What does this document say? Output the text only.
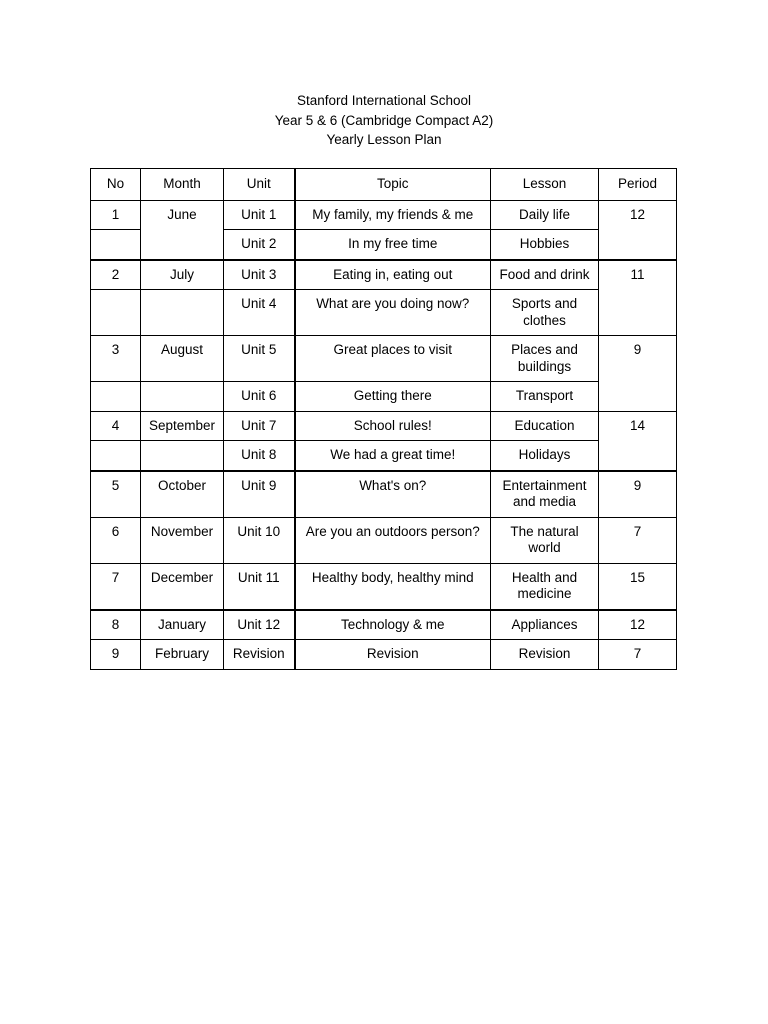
Stanford International School
Year 5 & 6 (Cambridge Compact A2)
Yearly Lesson Plan
No	Month	Unit	Topic	Lesson	Period
1	June	Unit 1	My family, my friends & me	Daily life	12
		Unit 2	In my free time	Hobbies	
2	July	Unit 3	Eating in, eating out	Food and drink	11
		Unit 4	What are you doing now?	Sports and clothes	
3	August	Unit 5	Great places to visit	Places and buildings	9
		Unit 6	Getting there	Transport	
4	September	Unit 7	School rules!	Education	14
		Unit 8	We had a great time!	Holidays	
5	October	Unit 9	What's on?	Entertainment and media	9
6	November	Unit 10	Are you an outdoors person?	The natural world	7
7	December	Unit 11	Healthy body, healthy mind	Health and medicine	15
8	January	Unit 12	Technology & me	Appliances	12
9	February	Revision	Revision	Revision	7
